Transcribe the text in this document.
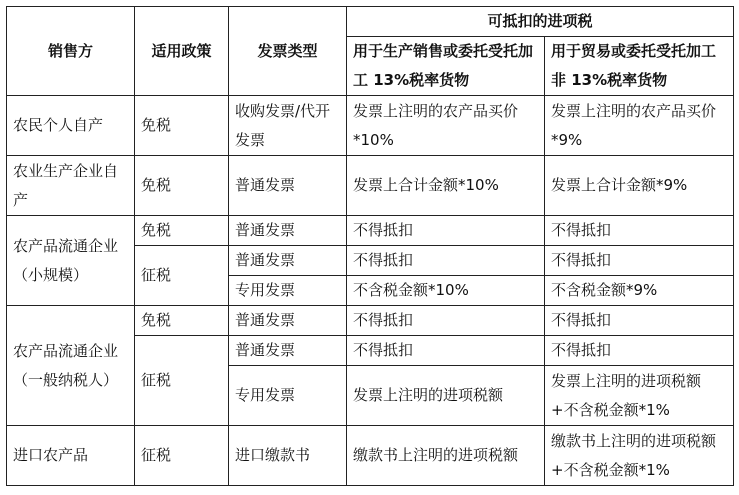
销售方	适用政策	发票类型	可抵扣的进项税	
			用于生产销售或委托受托加工 13%税率货物	用于贸易或委托受托加工非 13%税率货物
农民个人自产	免税	收购发票/代开发票	发票上注明的农产品买价*10%	发票上注明的农产品买价*9%
农业生产企业自产	免税	普通发票	发票上合计金额*10%	发票上合计金额*9%
农产品流通企业（小规模）	免税	普通发票	不得抵扣	不得抵扣
	征税	普通发票	不得抵扣	不得抵扣
		专用发票	不含税金额*10%	不含税金额*9%
农产品流通企业（一般纳税人）	免税	普通发票	不得抵扣	不得抵扣
	征税	普通发票	不得抵扣	不得抵扣
		专用发票	发票上注明的进项税额	发票上注明的进项税额+不含税金额*1%
进口农产品	征税	进口缴款书	缴款书上注明的进项税额	缴款书上注明的进项税额+不含税金额*1%
